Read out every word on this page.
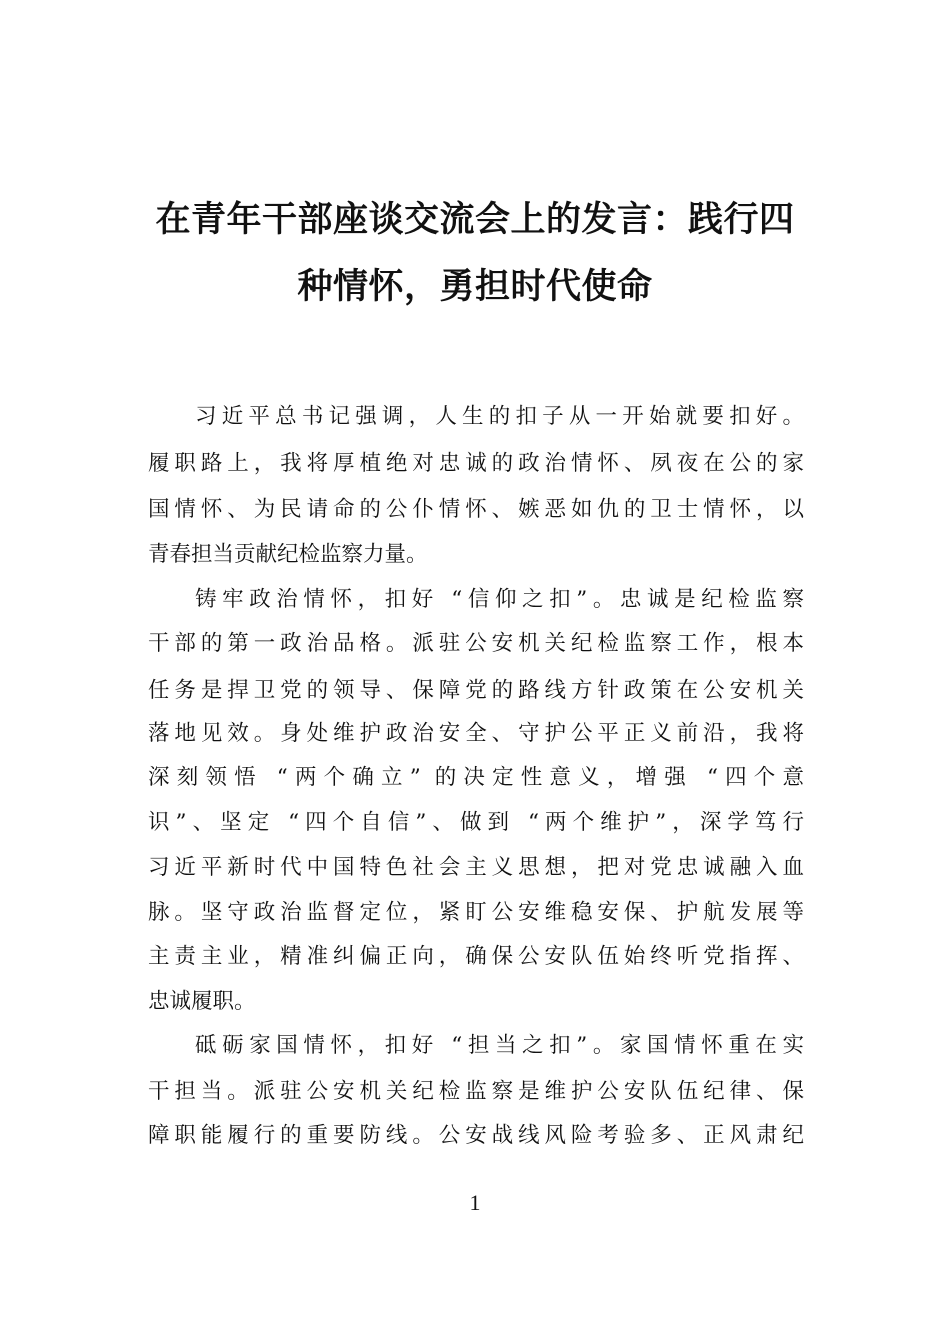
在青年干部座谈交流会上的发言：践行四
种情怀，勇担时代使命
习近平总书记强调，人生的扣子从一开始就要扣好。
履职路上，我将厚植绝对忠诚的政治情怀、夙夜在公的家
国情怀、为民请命的公仆情怀、嫉恶如仇的卫士情怀，以
青春担当贡献纪检监察力量。
铸牢政治情怀，扣好 “信仰之扣”。忠诚是纪检监察
干部的第一政治品格。派驻公安机关纪检监察工作，根本
任务是捍卫党的领导、保障党的路线方针政策在公安机关
落地见效。身处维护政治安全、守护公平正义前沿，我将
深刻领悟 “两个确立” 的决定性意义，增强 “四个意
识”、坚定 “四个自信”、做到 “两个维护”，深学笃行
习近平新时代中国特色社会主义思想，把对党忠诚融入血
脉。坚守政治监督定位，紧盯公安维稳安保、护航发展等
主责主业，精准纠偏正向，确保公安队伍始终听党指挥、
忠诚履职。
砥砺家国情怀，扣好 “担当之扣”。家国情怀重在实
干担当。派驻公安机关纪检监察是维护公安队伍纪律、保
障职能履行的重要防线。公安战线风险考验多、正风肃纪
1
